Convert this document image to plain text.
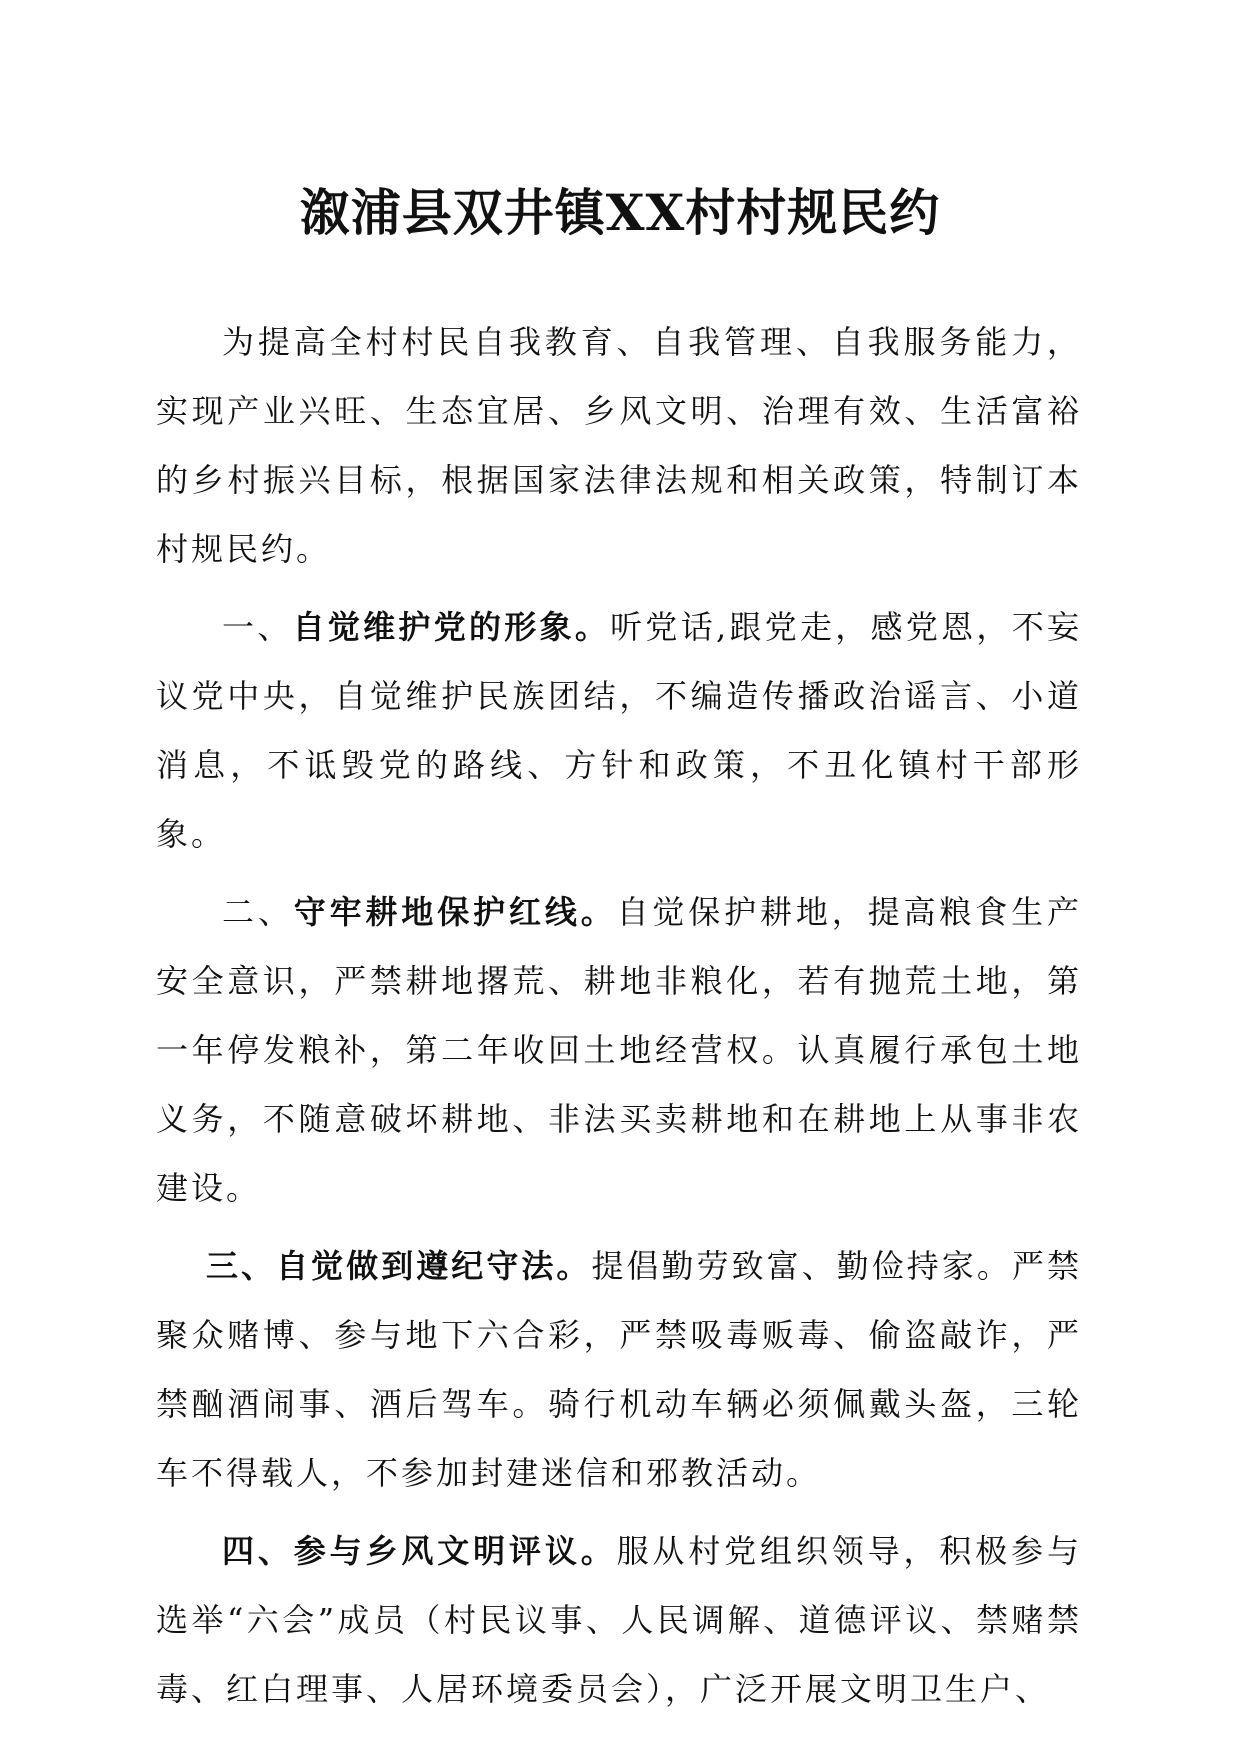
溆浦县双井镇XX村村规民约

为提高全村村民自我教育、自我管理、自我服务能力，实现产业兴旺、生态宜居、乡风文明、治理有效、生活富裕的乡村振兴目标，根据国家法律法规和相关政策，特制订本村规民约。

一、自觉维护党的形象。听党话,跟党走，感党恩，不妄议党中央，自觉维护民族团结，不编造传播政治谣言、小道消息，不诋毁党的路线、方针和政策，不丑化镇村干部形象。

二、守牢耕地保护红线。自觉保护耕地，提高粮食生产安全意识，严禁耕地撂荒、耕地非粮化，若有抛荒土地，第一年停发粮补，第二年收回土地经营权。认真履行承包土地义务，不随意破坏耕地、非法买卖耕地和在耕地上从事非农建设。

三、自觉做到遵纪守法。提倡勤劳致富、勤俭持家。严禁聚众赌博、参与地下六合彩，严禁吸毒贩毒、偷盗敲诈，严禁酗酒闹事、酒后驾车。骑行机动车辆必须佩戴头盔，三轮车不得载人，不参加封建迷信和邪教活动。

四、参与乡风文明评议。服从村党组织领导，积极参与选举“六会”成员（村民议事、人民调解、道德评议、禁赌禁毒、红白理事、人居环境委员会），广泛开展文明卫生户、
